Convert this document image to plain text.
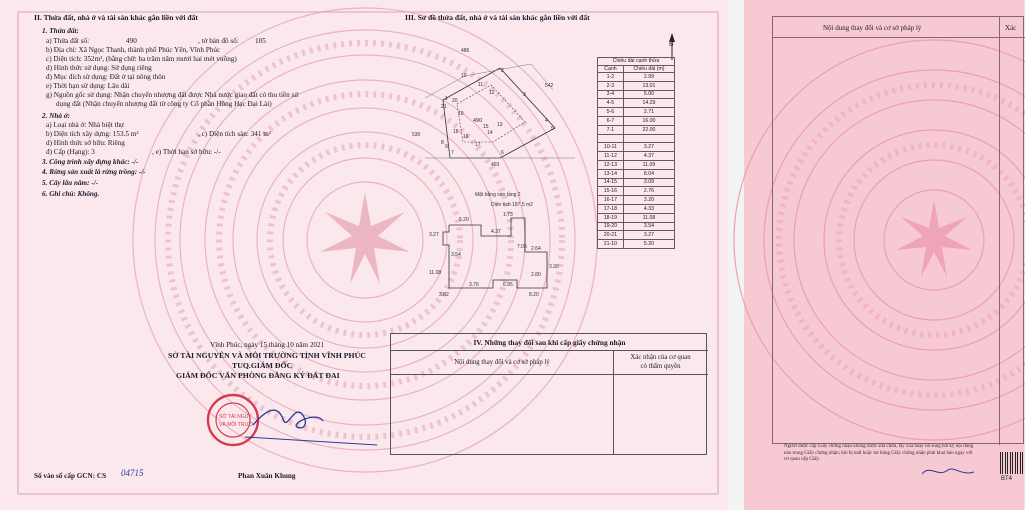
II. Thửa đất, nhà ở và tài sản khác gắn liền với đất
1. Thửa đất:
a) Thửa đất số:	490	, tờ bản đồ số: 105
b) Địa chỉ: Xã Ngọc Thanh, thành phố Phúc Yên, Vĩnh Phúc
c) Diện tích: 352m², (bằng chữ: ba trăm năm mươi hai mét vuông)
d) Hình thức sử dụng: Sử dụng riêng
đ) Mục đích sử dụng: Đất ở tại nông thôn
e) Thời hạn sử dụng: Lâu dài
g) Nguồn gốc sử dụng: Nhận chuyển nhượng đất được Nhà nước giao đất có thu tiền sử
dụng đất (Nhận chuyển nhượng đất từ công ty Cổ phần Hồng Hạc Đại Lải)
2. Nhà ở:
a) Loại nhà ở: Nhà biệt thự
b) Diện tích xây dựng: 153.5 m²	, c) Diện tích sàn: 341 m²
d) Hình thức sở hữu: Riêng
đ) Cấp (Hạng): 3	, e) Thời hạn sở hữu: -/-
3. Công trình xây dựng khác: -/-
4. Rừng sản xuất là rừng trồng: -/-
5. Cây lâu năm: -/-
6. Ghi chú: Không.
III. Sơ đồ thửa đất, nhà ở và tài sản khác gắn liền với đất
B
486
542
530
493
10
11
12
20
21
19
18
16
17
14
13
15
9
1
2
3
4
5
6
7
8
490
Mặt bằng sàn tầng 2
Diện tích 187.5 m2
5.20
3.27	4.37
1.73
3.54
7.05 2.64
3.30
11.08
6.95
2.80
8.20
3.82
3.76
Chiều dài cạnh thửa	
Cạnh	Chiều dài (m)
1-2	2.99
2-3	13.01
3-4	5.00
4-5	14.29
5-6	2.71
6-7	16.00
7-1	22.00

10-11	3.27
11-12	4.37
12-13	11.09
13-14	8.04
14-15	3.09
15-16	2.76
16-17	3.20
17-18	4.33
18-19	11.08
19-20	3.54
20-21	3.27
21-10	5.20
Vĩnh Phúc, ngày 15 tháng 10 năm 2021
SỞ TÀI NGUYÊN VÀ MÔI TRƯỜNG TỈNH VĨNH PHÚC
TUQ.GIÁM ĐỐC
GIÁM ĐỐC VĂN PHÒNG ĐĂNG KÝ ĐẤT ĐAI
SỞ TÀI NGUY
VÀ MÔI TRƯỜ
Phan Xuân Khung
Số vào sổ cấp GCN: CS 04715
IV. Những thay đổi sau khi cấp giấy chứng nhận
Nội dung thay đổi và cơ sở pháp lý
Xác nhận của cơ quan
có thẩm quyền
Nội dung thay đổi và cơ sở pháp lý	Xác
Người được cấp Giấy chứng nhận không được sửa chữa, tẩy xóa hoặc bổ sung bất kỳ nội dung nào trong Giấy chứng nhận; khi bị mất hoặc hư hỏng Giấy chứng nhận phải khai báo ngay với cơ quan cấp Giấy.
BT4
